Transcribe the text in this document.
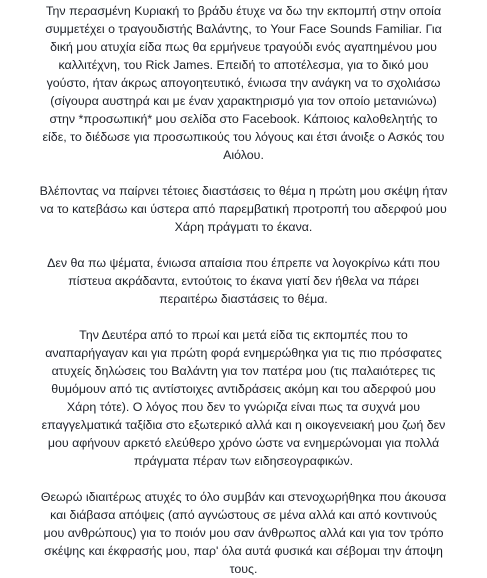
Την περασμένη Κυριακή το βράδυ έτυχε να δω την εκπομπή στην οποία
συμμετέχει ο τραγουδιστής Βαλάντης, το Your Face Sounds Familiar. Για
δική μου ατυχία είδα πως θα ερμήνευε τραγούδι ενός αγαπημένου μου
καλλιτέχνη, του Rick James. Επειδή το αποτέλεσμα, για το δικό μου
γούστο, ήταν άκρως απογοητευτικό, ένιωσα την ανάγκη να το σχολιάσω
(σίγουρα αυστηρά και με έναν χαρακτηρισμό για τον οποίο μετανιώνω)
στην *προσωπική* μου σελίδα στο Facebook. Κάποιος καλοθελητής το
είδε, το διέδωσε για προσωπικούς του λόγους και έτσι άνοιξε ο Ασκός του
Αιόλου.

Βλέποντας να παίρνει τέτοιες διαστάσεις το θέμα η πρώτη μου σκέψη ήταν
να το κατεβάσω και ύστερα από παρεμβατική προτροπή του αδερφού μου
Χάρη πράγματι το έκανα.

Δεν θα πω ψέματα, ένιωσα απαίσια που έπρεπε να λογοκρίνω κάτι που
πίστευα ακράδαντα, εντούτοις το έκανα γιατί δεν ήθελα να πάρει
περαιτέρω διαστάσεις το θέμα.

Την Δευτέρα από το πρωί και μετά είδα τις εκπομπές που το
αναπαρήγαγαν και για πρώτη φορά ενημερώθηκα για τις πιο πρόσφατες
ατυχείς δηλώσεις του Βαλάντη για τον πατέρα μου (τις παλαιότερες τις
θυμόμουν από τις αντίστοιχες αντιδράσεις ακόμη και του αδερφού μου
Χάρη τότε). Ο λόγος που δεν το γνώριζα είναι πως τα συχνά μου
επαγγελματικά ταξίδια στο εξωτερικό αλλά και η οικογενειακή μου ζωή δεν
μου αφήνουν αρκετό ελεύθερο χρόνο ώστε να ενημερώνομαι για πολλά
πράγματα πέραν των ειδησεογραφικών.

Θεωρώ ιδιαιτέρως ατυχές το όλο συμβάν και στενοχωρήθηκα που άκουσα
και διάβασα απόψεις (από αγνώστους σε μένα αλλά και από κοντινούς
μου ανθρώπους) για το ποιόν μου σαν άνθρωπος αλλά και για τον τρόπο
σκέψης και έκφρασής μου, παρ' όλα αυτά φυσικά και σέβομαι την άποψη
τους.
